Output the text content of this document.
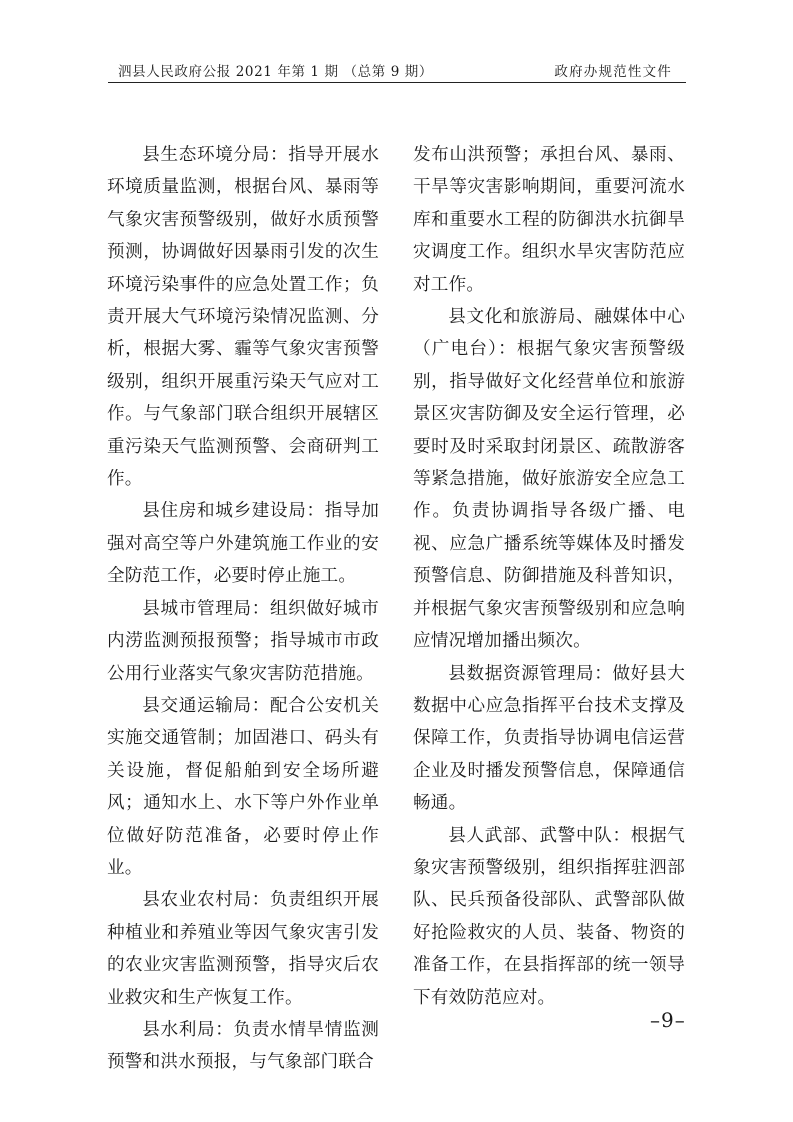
泗县人民政府公报 2021 年第 1 期 （总第 9 期）	政府办规范性文件

县生态环境分局：指导开展水环境质量监测，根据台风、暴雨等气象灾害预警级别，做好水质预警预测，协调做好因暴雨引发的次生环境污染事件的应急处置工作；负责开展大气环境污染情况监测、分析，根据大雾、霾等气象灾害预警级别，组织开展重污染天气应对工作。与气象部门联合组织开展辖区重污染天气监测预警、会商研判工作。

县住房和城乡建设局：指导加强对高空等户外建筑施工作业的安全防范工作，必要时停止施工。

县城市管理局：组织做好城市内涝监测预报预警；指导城市市政公用行业落实气象灾害防范措施。

县交通运输局：配合公安机关实施交通管制；加固港口、码头有关设施，督促船舶到安全场所避风；通知水上、水下等户外作业单位做好防范准备，必要时停止作业。

县农业农村局：负责组织开展种植业和养殖业等因气象灾害引发的农业灾害监测预警，指导灾后农业救灾和生产恢复工作。

县水利局：负责水情旱情监测预警和洪水预报，与气象部门联合

发布山洪预警；承担台风、暴雨、干旱等灾害影响期间，重要河流水库和重要水工程的防御洪水抗御旱灾调度工作。组织水旱灾害防范应对工作。

县文化和旅游局、融媒体中心（广电台）：根据气象灾害预警级别，指导做好文化经营单位和旅游景区灾害防御及安全运行管理，必要时及时采取封闭景区、疏散游客等紧急措施，做好旅游安全应急工作。负责协调指导各级广播、电视、应急广播系统等媒体及时播发预警信息、防御措施及科普知识，并根据气象灾害预警级别和应急响应情况增加播出频次。

县数据资源管理局：做好县大数据中心应急指挥平台技术支撑及保障工作，负责指导协调电信运营企业及时播发预警信息，保障通信畅通。

县人武部、武警中队：根据气象灾害预警级别，组织指挥驻泗部队、民兵预备役部队、武警部队做好抢险救灾的人员、装备、物资的准备工作，在县指挥部的统一领导下有效防范应对。

–9–
